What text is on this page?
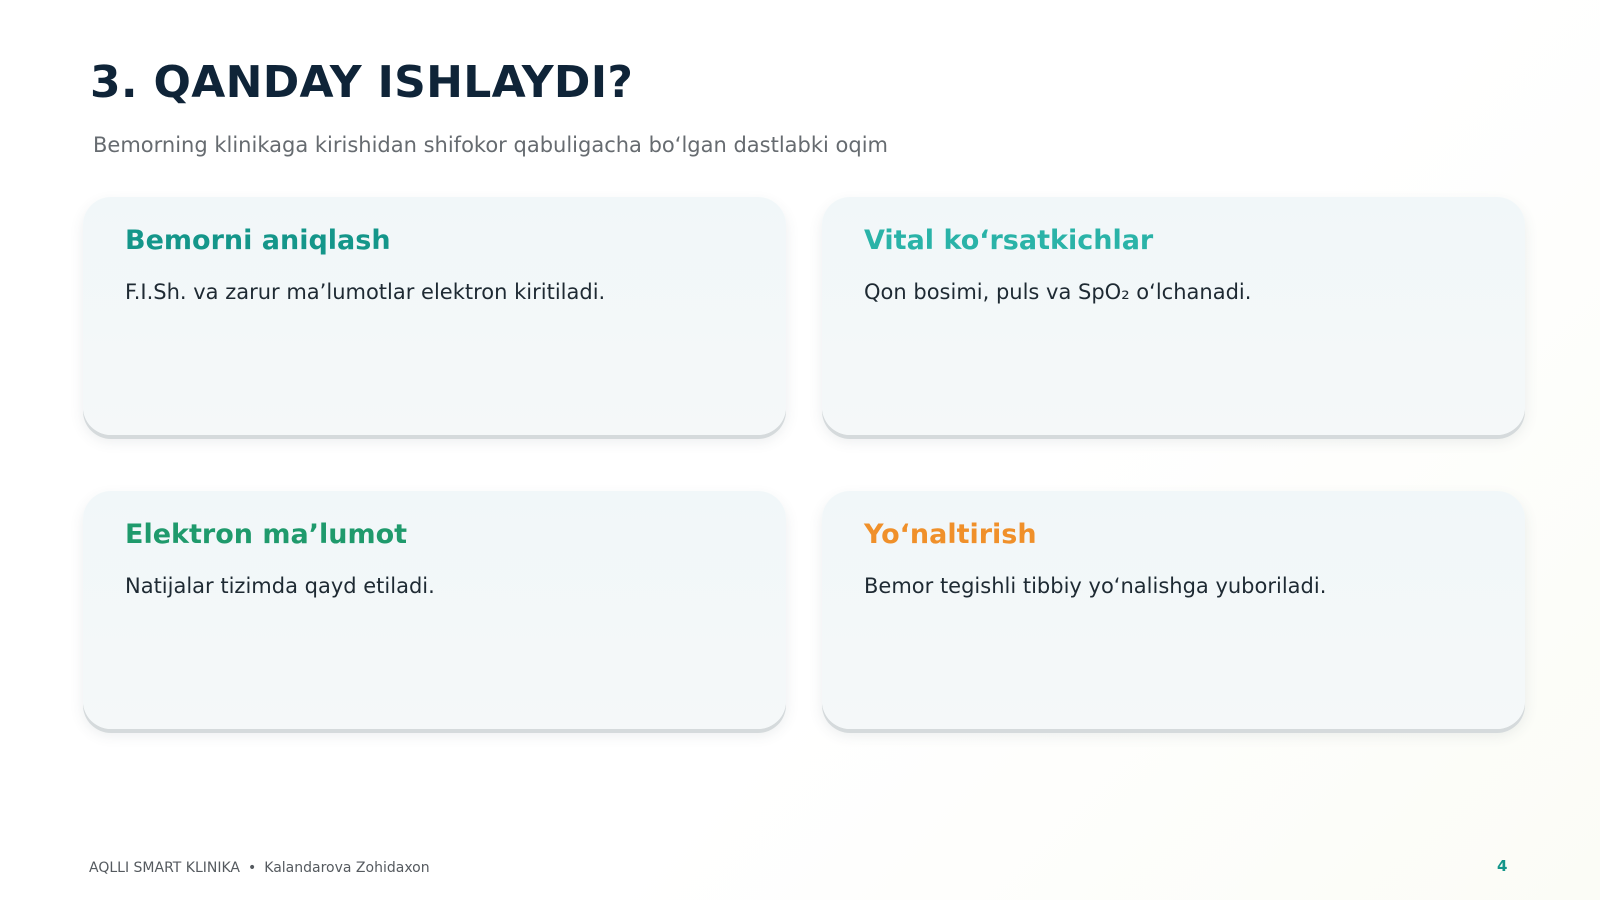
3. QANDAY ISHLAYDI?

Bemorning klinikaga kirishidan shifokor qabuligacha bo‘lgan dastlabki oqim

Bemorni aniqlash

F.I.Sh. va zarur ma’lumotlar elektron kiritiladi.

Vital ko‘rsatkichlar

Qon bosimi, puls va SpO₂ o‘lchanadi.

Elektron ma’lumot

Natijalar tizimda qayd etiladi.

Yo‘naltirish

Bemor tegishli tibbiy yo‘nalishga yuboriladi.

AQLLI SMART KLINIKA • Kalandarova Zohidaxon	4
